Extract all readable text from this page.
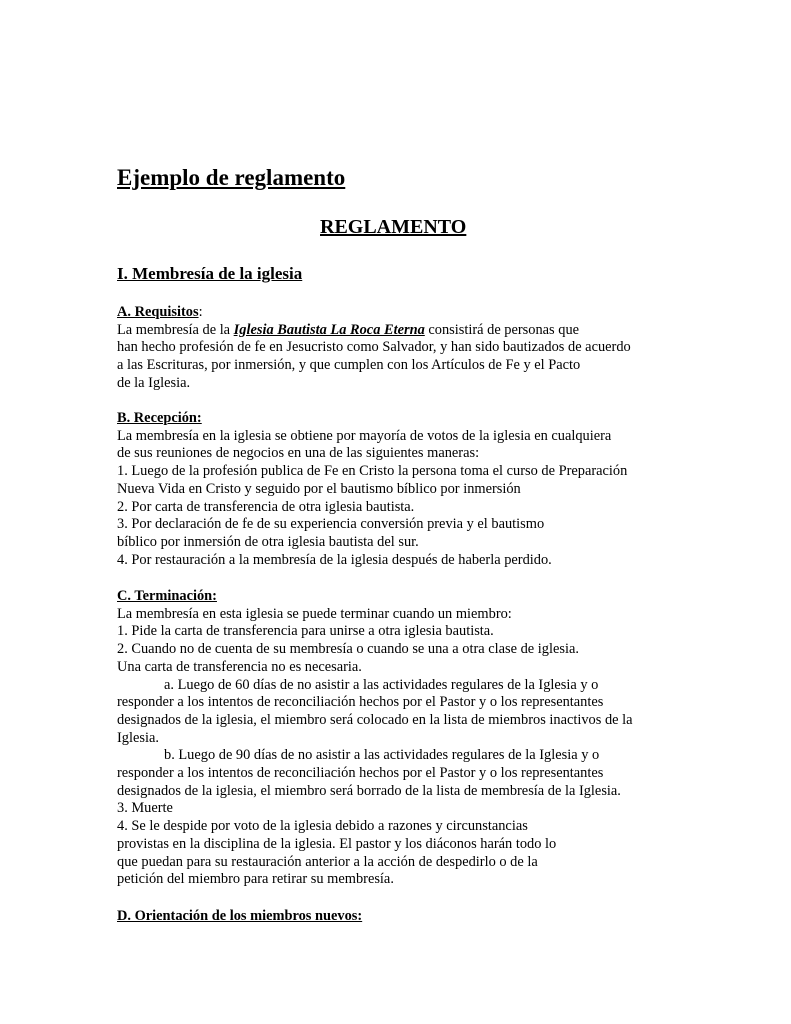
Ejemplo de reglamento
REGLAMENTO
I. Membresía de la iglesia
A. Requisitos:
La membresía de la Iglesia Bautista La Roca Eterna consistirá de personas que
han hecho profesión de fe en Jesucristo como Salvador, y han sido bautizados de acuerdo
a las Escrituras, por inmersión, y que cumplen con los Artículos de Fe y el Pacto
de la Iglesia.
B. Recepción:
La membresía en la iglesia se obtiene por mayoría de votos de la iglesia en cualquiera
de sus reuniones de negocios en una de las siguientes maneras:
1. Luego de la profesión publica de Fe en Cristo la persona toma el curso de Preparación
Nueva Vida en Cristo y seguido por el bautismo bíblico por inmersión
2. Por carta de transferencia de otra iglesia bautista.
3. Por declaración de fe de su experiencia conversión previa y el bautismo
bíblico por inmersión de otra iglesia bautista del sur.
4. Por restauración a la membresía de la iglesia después de haberla perdido.
C. Terminación:
La membresía en esta iglesia se puede terminar cuando un miembro:
1. Pide la carta de transferencia para unirse a otra iglesia bautista.
2. Cuando no de cuenta de su membresía o cuando se una a otra clase de iglesia.
Una carta de transferencia no es necesaria.
a. Luego de 60 días de no asistir a las actividades regulares de la Iglesia y o
responder a los intentos de reconciliación hechos por el Pastor y o los representantes
designados de la iglesia, el miembro será colocado en la lista de miembros inactivos de la
Iglesia.
b. Luego de 90 días de no asistir a las actividades regulares de la Iglesia y o
responder a los intentos de reconciliación hechos por el Pastor y o los representantes
designados de la iglesia, el miembro será borrado de la lista de membresía de la Iglesia.
3. Muerte
4. Se le despide por voto de la iglesia debido a razones y circunstancias
provistas en la disciplina de la iglesia. El pastor y los diáconos harán todo lo
que puedan para su restauración anterior a la acción de despedirlo o de la
petición del miembro para retirar su membresía.
D. Orientación de los miembros nuevos:
